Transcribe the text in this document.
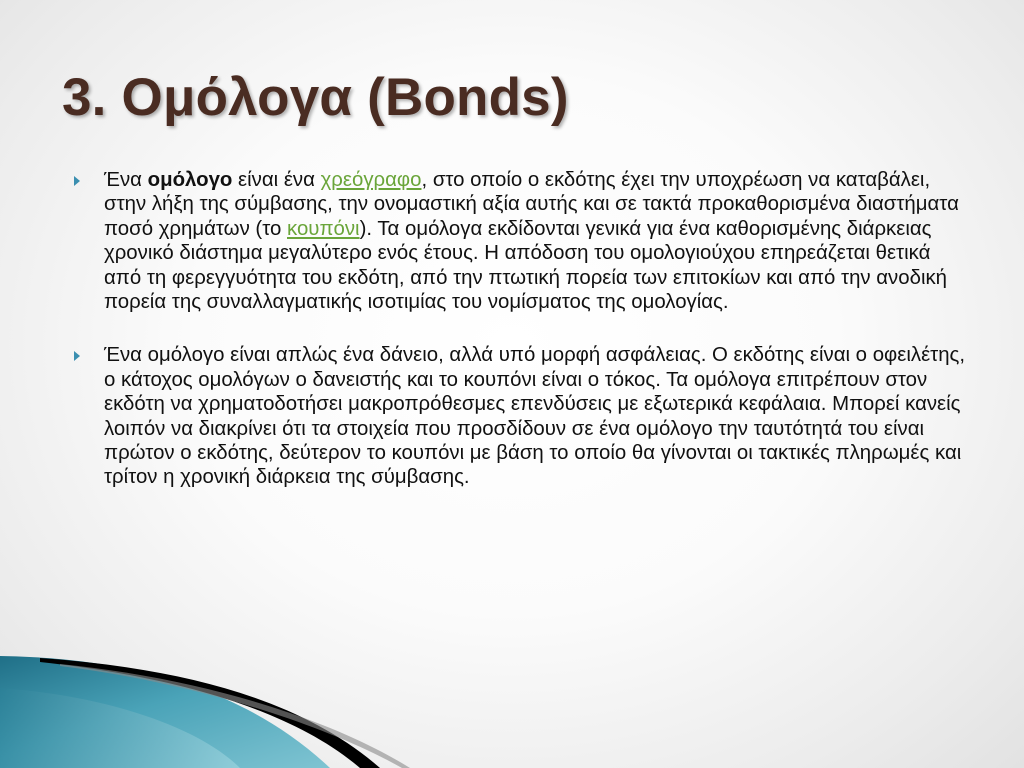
3. Ομόλογα (Bonds)

Ένα ομόλογο είναι ένα χρεόγραφο, στο οποίο ο εκδότης έχει την υποχρέωση να καταβάλει, στην λήξη της σύμβασης, την ονομαστική αξία αυτής και σε τακτά προκαθορισμένα διαστήματα ποσό χρημάτων (το κουπόνι). Τα ομόλογα εκδίδονται γενικά για ένα καθορισμένης διάρκειας χρονικό διάστημα μεγαλύτερο ενός έτους. Η απόδοση του ομολογιούχου επηρεάζεται θετικά από τη φερεγγυότητα του εκδότη, από την πτωτική πορεία των επιτοκίων και από την ανοδική πορεία της συναλλαγματικής ισοτιμίας του νομίσματος της ομολογίας.

Ένα ομόλογο είναι απλώς ένα δάνειο, αλλά υπό μορφή ασφάλειας. Ο εκδότης είναι ο οφειλέτης, ο κάτοχος ομολόγων ο δανειστής και το κουπόνι είναι ο τόκος. Τα ομόλογα επιτρέπουν στον εκδότη να χρηματοδοτήσει μακροπρόθεσμες επενδύσεις με εξωτερικά κεφάλαια. Μπορεί κανείς λοιπόν να διακρίνει ότι τα στοιχεία που προσδίδουν σε ένα ομόλογο την ταυτότητά του είναι πρώτον ο εκδότης, δεύτερον το κουπόνι με βάση το οποίο θα γίνονται οι τακτικές πληρωμές και τρίτον η χρονική διάρκεια της σύμβασης.
